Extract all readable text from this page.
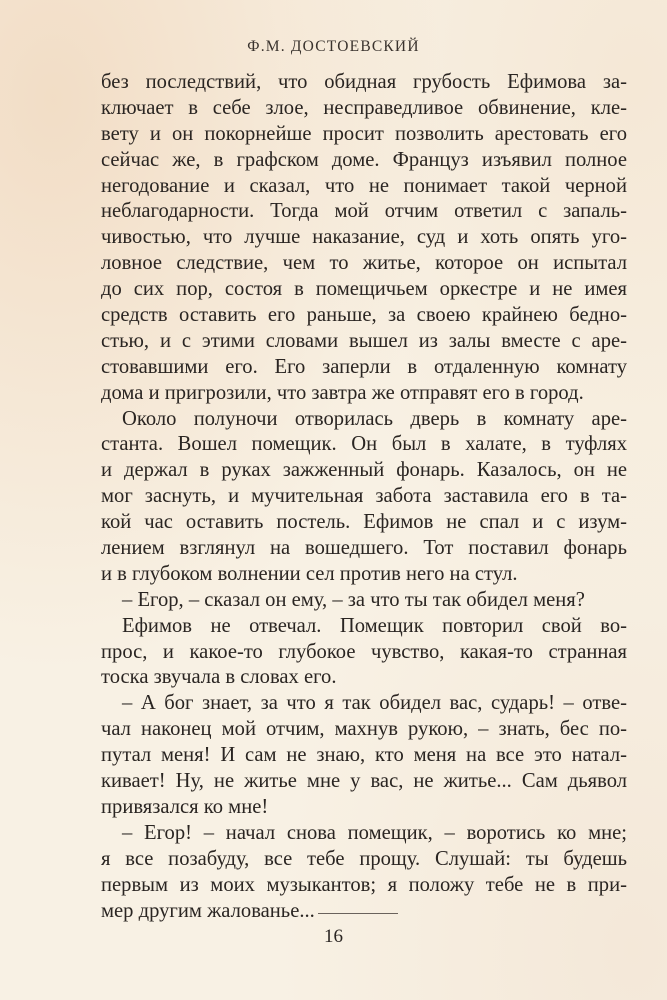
Ф.М. ДОСТОЕВСКИЙ
без последствий, что обидная грубость Ефимова за-
ключает в себе злое, несправедливое обвинение, кле-
вету и он покорнейше просит позволить арестовать его
сейчас же, в графском доме. Француз изъявил полное
негодование и сказал, что не понимает такой черной
неблагодарности. Тогда мой отчим ответил с запаль-
чивостью, что лучше наказание, суд и хоть опять уго-
ловное следствие, чем то житье, которое он испытал
до сих пор, состоя в помещичьем оркестре и не имея
средств оставить его раньше, за своею крайнею бедно-
стью, и с этими словами вышел из залы вместе с аре-
стовавшими его. Его заперли в отдаленную комнату
дома и пригрозили, что завтра же отправят его в город.
Около полуночи отворилась дверь в комнату аре-
станта. Вошел помещик. Он был в халате, в туфлях
и держал в руках зажженный фонарь. Казалось, он не
мог заснуть, и мучительная забота заставила его в та-
кой час оставить постель. Ефимов не спал и с изум-
лением взглянул на вошедшего. Тот поставил фонарь
и в глубоком волнении сел против него на стул.
– Егор, – сказал он ему, – за что ты так обидел меня?
Ефимов не отвечал. Помещик повторил свой во-
прос, и какое-то глубокое чувство, какая-то странная
тоска звучала в словах его.
– А бог знает, за что я так обидел вас, сударь! – отве-
чал наконец мой отчим, махнув рукою, – знать, бес по-
путал меня! И сам не знаю, кто меня на все это натал-
кивает! Ну, не житье мне у вас, не житье... Сам дьявол
привязался ко мне!
– Егор! – начал снова помещик, – воротись ко мне;
я все позабуду, все тебе прощу. Слушай: ты будешь
первым из моих музыкантов; я положу тебе не в при-
мер другим жалованье...
16
